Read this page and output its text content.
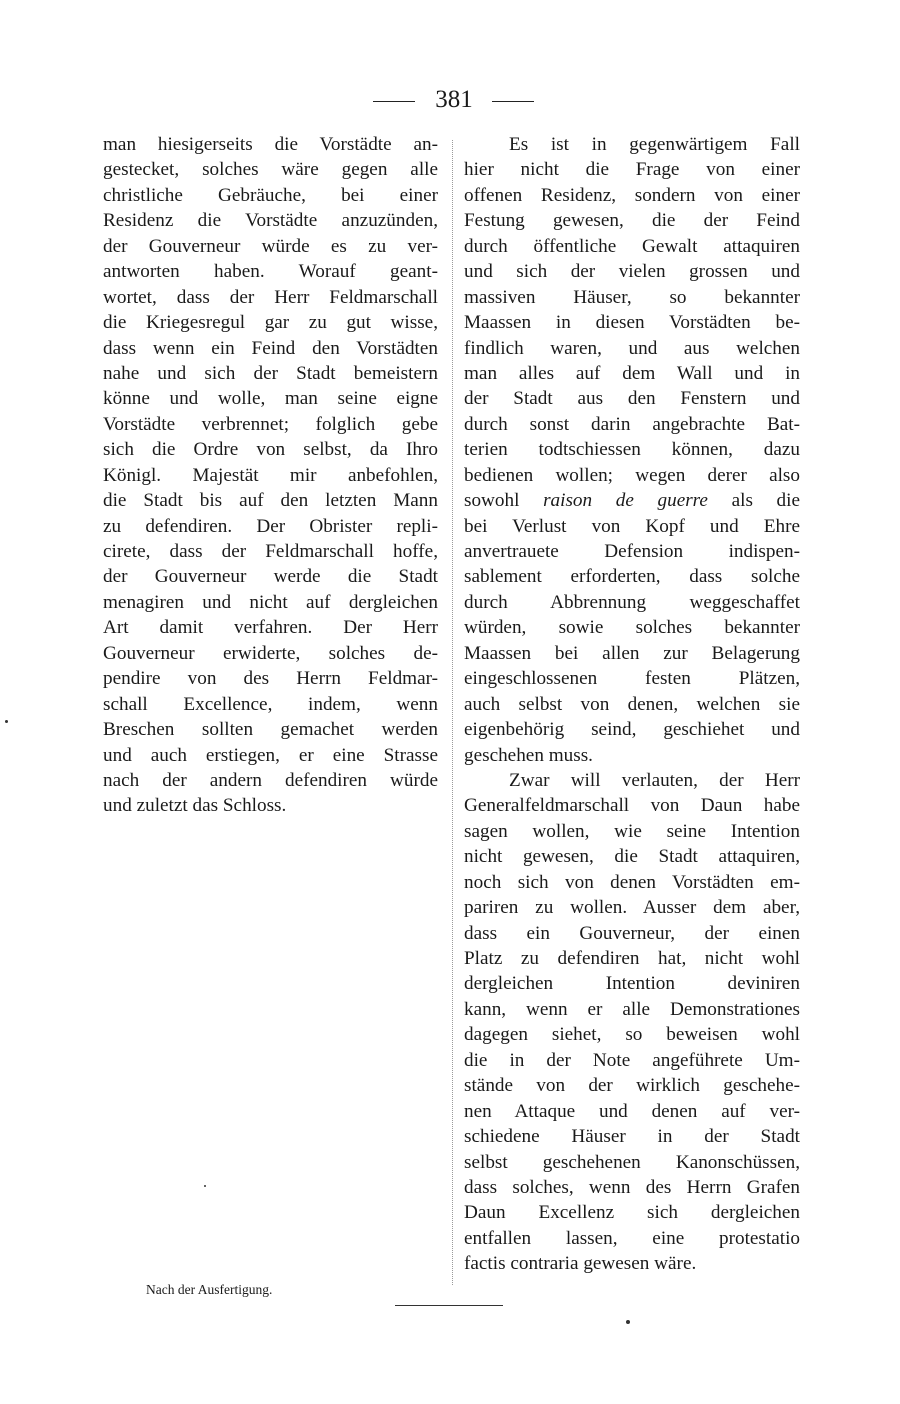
381
man hiesigerseits die Vorstädte an-
gestecket, solches wäre gegen alle
christliche Gebräuche, bei einer
Residenz die Vorstädte anzuzünden,
der Gouverneur würde es zu ver-
antworten haben. Worauf geant-
wortet, dass der Herr Feldmarschall
die Kriegesregul gar zu gut wisse,
dass wenn ein Feind den Vorstädten
nahe und sich der Stadt bemeistern
könne und wolle, man seine eigne
Vorstädte verbrennet; folglich gebe
sich die Ordre von selbst, da Ihro
Königl. Majestät mir anbefohlen,
die Stadt bis auf den letzten Mann
zu defendiren. Der Obrister repli-
cirete, dass der Feldmarschall hoffe,
der Gouverneur werde die Stadt
menagiren und nicht auf dergleichen
Art damit verfahren. Der Herr
Gouverneur erwiderte, solches de-
pendire von des Herrn Feldmar-
schall Excellence, indem, wenn
Breschen sollten gemachet werden
und auch erstiegen, er eine Strasse
nach der andern defendiren würde
und zuletzt das Schloss.
Es ist in gegenwärtigem Fall
hier nicht die Frage von einer
offenen Residenz, sondern von einer
Festung gewesen, die der Feind
durch öffentliche Gewalt attaquiren
und sich der vielen grossen und
massiven Häuser, so bekannter
Maassen in diesen Vorstädten be-
findlich waren, und aus welchen
man alles auf dem Wall und in
der Stadt aus den Fenstern und
durch sonst darin angebrachte Bat-
terien todtschiessen können, dazu
bedienen wollen; wegen derer also
sowohl raison de guerre als die
bei Verlust von Kopf und Ehre
anvertrauete Defension indispen-
sablement erforderten, dass solche
durch Abbrennung weggeschaffet
würden, sowie solches bekannter
Maassen bei allen zur Belagerung
eingeschlossenen festen Plätzen,
auch selbst von denen, welchen sie
eigenbehörig seind, geschiehet und
geschehen muss.
Zwar will verlauten, der Herr
Generalfeldmarschall von Daun habe
sagen wollen, wie seine Intention
nicht gewesen, die Stadt attaquiren,
noch sich von denen Vorstädten em-
pariren zu wollen. Ausser dem aber,
dass ein Gouverneur, der einen
Platz zu defendiren hat, nicht wohl
dergleichen Intention deviniren
kann, wenn er alle Demonstrationes
dagegen siehet, so beweisen wohl
die in der Note angeführete Um-
stände von der wirklich geschehe-
nen Attaque und denen auf ver-
schiedene Häuser in der Stadt
selbst geschehenen Kanonschüssen,
dass solches, wenn des Herrn Grafen
Daun Excellenz sich dergleichen
entfallen lassen, eine protestatio
factis contraria gewesen wäre.
Nach der Ausfertigung.
